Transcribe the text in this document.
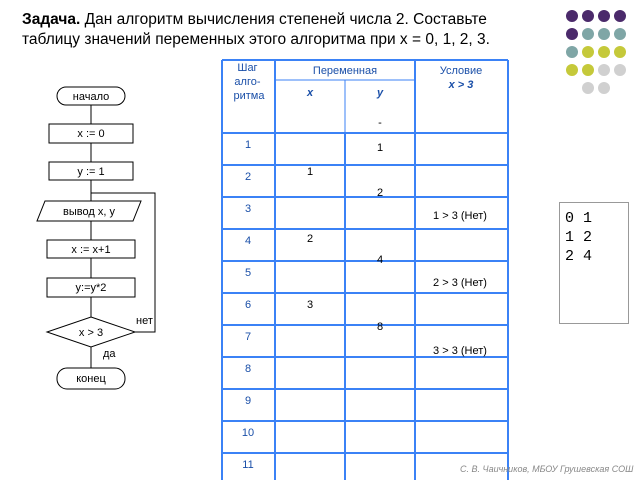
Задача. Дан алгоритм вычисления степеней числа 2. Составьте таблицу значений переменных этого алгоритма при x = 0, 1, 2, 3.
начало
x := 0
y := 1
вывод x, y
x := x+1
y:=y*2
x > 3
нет
да
конец
Шаг алго- ритма
Переменная
x	y
Условие
x > 3
-
1
2
3
4
5
6
7
8
9
10
11
1
2
3
1
2
4
8
1 > 3 (Нет)
2 > 3 (Нет)
3 > 3 (Нет)
0 1
1 2
2 4
С. В. Чаичников, МБОУ Грушевская СОШ
